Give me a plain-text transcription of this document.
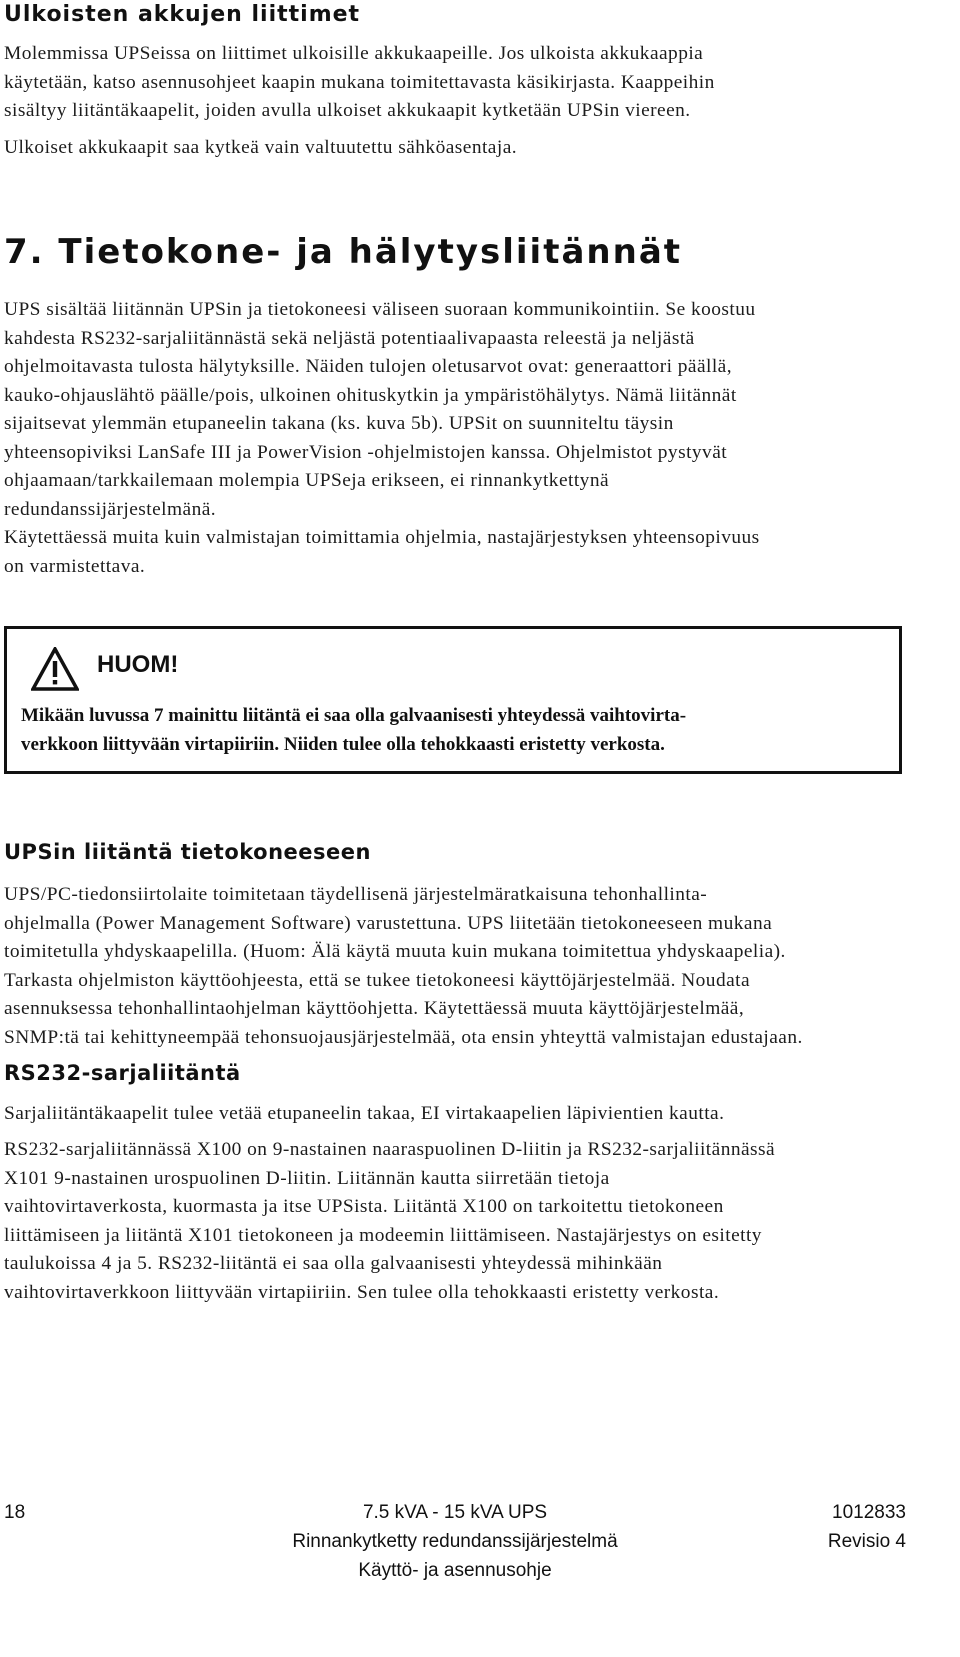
Ulkoisten akkujen liittimet
Molemmissa UPSeissa on liittimet ulkoisille akkukaapeille. Jos ulkoista akkukaappia
käytetään, katso asennusohjeet kaapin mukana toimitettavasta käsikirjasta. Kaappeihin
sisältyy liitäntäkaapelit, joiden avulla ulkoiset akkukaapit kytketään UPSin viereen.
Ulkoiset akkukaapit saa kytkeä vain valtuutettu sähköasentaja.
7. Tietokone- ja hälytysliitännät
UPS sisältää liitännän UPSin ja tietokoneesi väliseen suoraan kommunikointiin. Se koostuu
kahdesta RS232-sarjaliitännästä sekä neljästä potentiaalivapaasta releestä ja neljästä
ohjelmoitavasta tulosta hälytyksille. Näiden tulojen oletusarvot ovat: generaattori päällä,
kauko-ohjauslähtö päälle/pois, ulkoinen ohituskytkin ja ympäristöhälytys. Nämä liitännät
sijaitsevat ylemmän etupaneelin takana (ks. kuva 5b). UPSit on suunniteltu täysin
yhteensopiviksi LanSafe III ja PowerVision -ohjelmistojen kanssa. Ohjelmistot pystyvät
ohjaamaan/tarkkailemaan molempia UPSeja erikseen, ei rinnankytkettynä
redundanssijärjestelmänä.
Käytettäessä muita kuin valmistajan toimittamia ohjelmia, nastajärjestyksen yhteensopivuus
on varmistettava.

HUOM!

Mikään luvussa 7 mainittu liitäntä ei saa olla galvaanisesti yhteydessä vaihtovirta-
verkkoon liittyvään virtapiiriin. Niiden tulee olla tehokkaasti eristetty verkosta.

UPSin liitäntä tietokoneeseen
UPS/PC-tiedonsiirtolaite toimitetaan täydellisenä järjestelmäratkaisuna tehonhallinta-
ohjelmalla (Power Management Software) varustettuna. UPS liitetään tietokoneeseen mukana
toimitetulla yhdyskaapelilla. (Huom: Älä käytä muuta kuin mukana toimitettua yhdyskaapelia).
Tarkasta ohjelmiston käyttöohjeesta, että se tukee tietokoneesi käyttöjärjestelmää. Noudata
asennuksessa tehonhallintaohjelman käyttöohjetta. Käytettäessä muuta käyttöjärjestelmää,
SNMP:tä tai kehittyneempää tehonsuojausjärjestelmää, ota ensin yhteyttä valmistajan edustajaan.
RS232-sarjaliitäntä
Sarjaliitäntäkaapelit tulee vetää etupaneelin takaa, EI virtakaapelien läpivientien kautta.
RS232-sarjaliitännässä X100 on 9-nastainen naaraspuolinen D-liitin ja RS232-sarjaliitännässä
X101 9-nastainen urospuolinen D-liitin. Liitännän kautta siirretään tietoja
vaihtovirtaverkosta, kuormasta ja itse UPSista. Liitäntä X100 on tarkoitettu tietokoneen
liittämiseen ja liitäntä X101 tietokoneen ja modeemin liittämiseen. Nastajärjestys on esitetty
taulukoissa 4 ja 5. RS232-liitäntä ei saa olla galvaanisesti yhteydessä mihinkään
vaihtovirtaverkkoon liittyvään virtapiiriin. Sen tulee olla tehokkaasti eristetty verkosta.
18	7.5 kVA - 15 kVA UPS
Rinnankytketty redundanssijärjestelmä
Käyttö- ja asennusohje
1012833
Revisio 4
